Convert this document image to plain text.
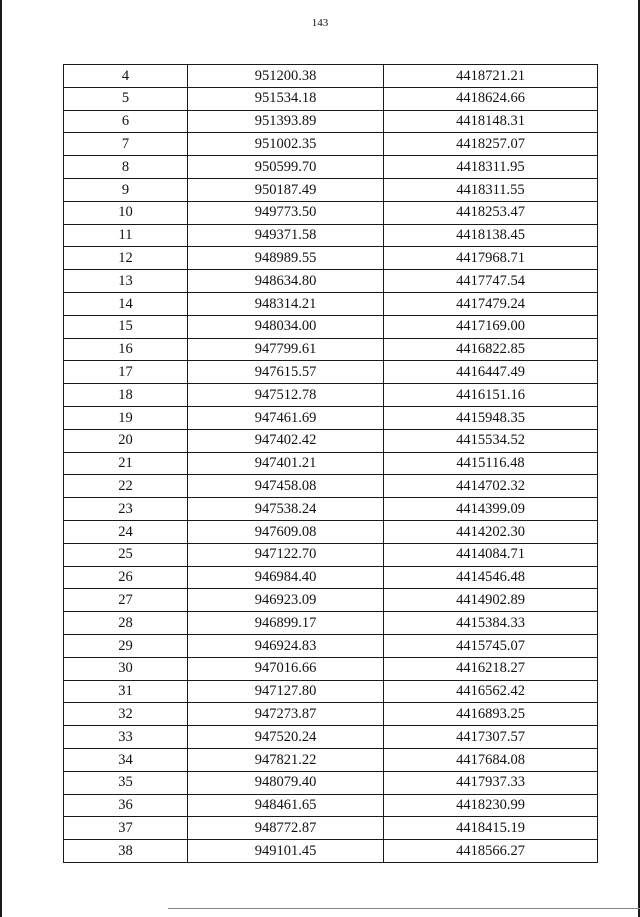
143
4	951200.38	4418721.21
5	951534.18	4418624.66
6	951393.89	4418148.31
7	951002.35	4418257.07
8	950599.70	4418311.95
9	950187.49	4418311.55
10	949773.50	4418253.47
11	949371.58	4418138.45
12	948989.55	4417968.71
13	948634.80	4417747.54
14	948314.21	4417479.24
15	948034.00	4417169.00
16	947799.61	4416822.85
17	947615.57	4416447.49
18	947512.78	4416151.16
19	947461.69	4415948.35
20	947402.42	4415534.52
21	947401.21	4415116.48
22	947458.08	4414702.32
23	947538.24	4414399.09
24	947609.08	4414202.30
25	947122.70	4414084.71
26	946984.40	4414546.48
27	946923.09	4414902.89
28	946899.17	4415384.33
29	946924.83	4415745.07
30	947016.66	4416218.27
31	947127.80	4416562.42
32	947273.87	4416893.25
33	947520.24	4417307.57
34	947821.22	4417684.08
35	948079.40	4417937.33
36	948461.65	4418230.99
37	948772.87	4418415.19
38	949101.45	4418566.27
